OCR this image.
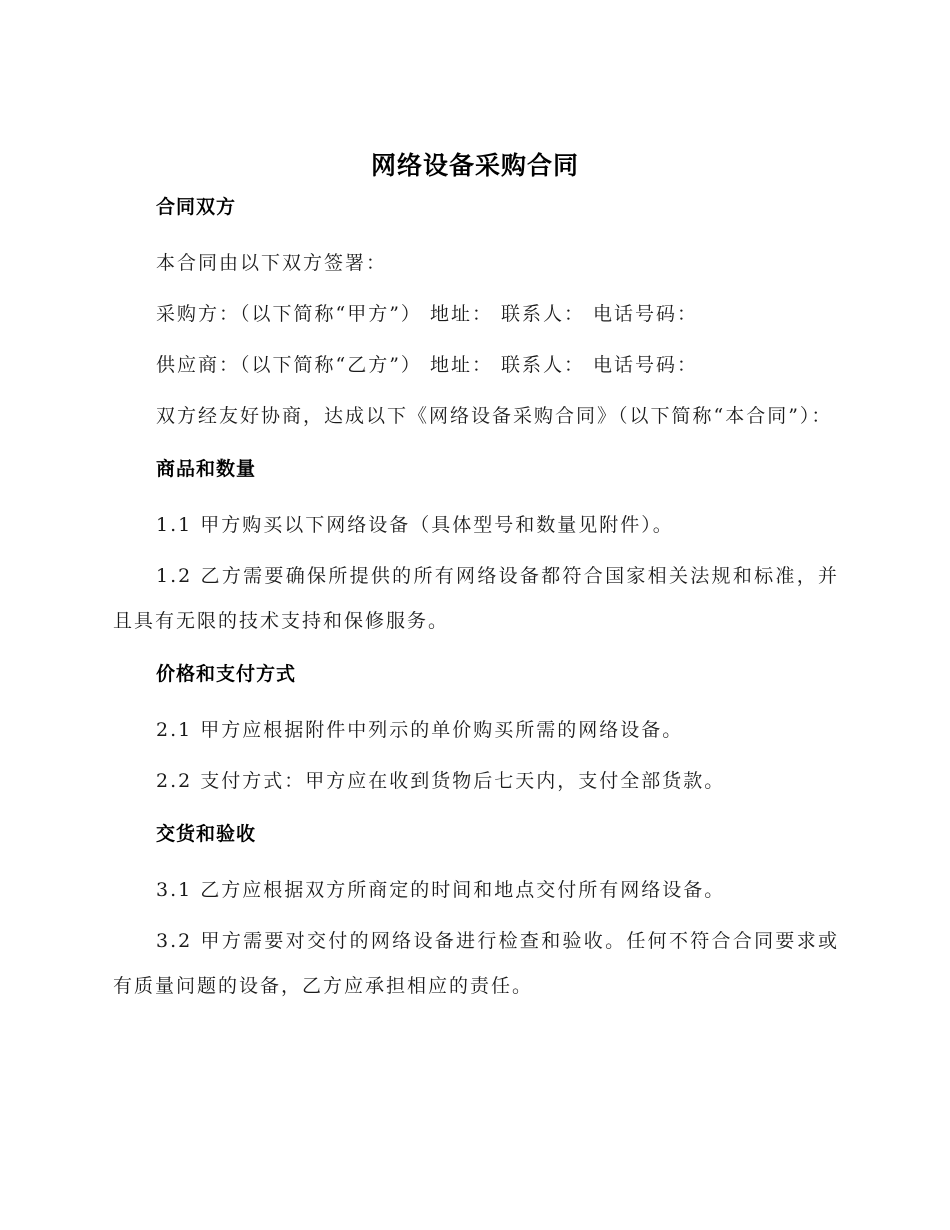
网络设备采购合同
合同双方

本合同由以下双方签署：

采购方：（以下简称“甲方”） 地址： 联系人： 电话号码：

供应商：（以下简称“乙方”） 地址： 联系人： 电话号码：

双方经友好协商，达成以下《网络设备采购合同》（以下简称“本合同”）：

商品和数量

1.1 甲方购买以下网络设备（具体型号和数量见附件）。

1.2 乙方需要确保所提供的所有网络设备都符合国家相关法规和标准，并且具有无限的技术支持和保修服务。

价格和支付方式

2.1 甲方应根据附件中列示的单价购买所需的网络设备。

2.2 支付方式：甲方应在收到货物后七天内，支付全部货款。

交货和验收

3.1 乙方应根据双方所商定的时间和地点交付所有网络设备。

3.2 甲方需要对交付的网络设备进行检查和验收。任何不符合合同要求或有质量问题的设备，乙方应承担相应的责任。
